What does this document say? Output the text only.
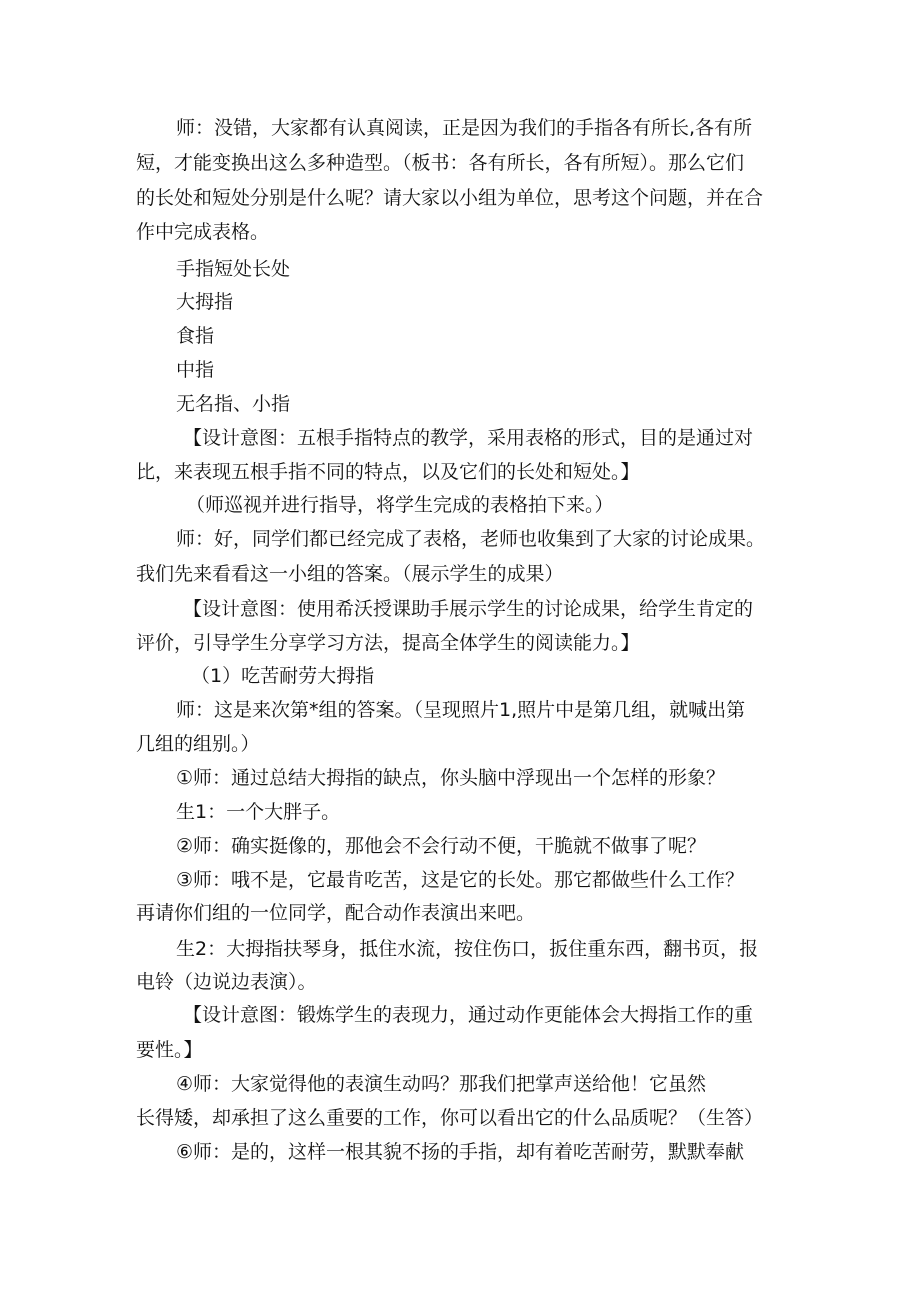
师：没错，大家都有认真阅读，正是因为我们的手指各有所长,各有所

短，才能变换出这么多种造型。（板书：各有所长，各有所短）。那么它们

的长处和短处分别是什么呢？请大家以小组为单位，思考这个问题，并在合

作中完成表格。

手指短处长处

大拇指

食指

中指

无名指、小指

【设计意图：五根手指特点的教学，采用表格的形式，目的是通过对

比，来表现五根手指不同的特点，以及它们的长处和短处。】

（师巡视并进行指导，将学生完成的表格拍下来。）

师：好，同学们都已经完成了表格，老师也收集到了大家的讨论成果。

我们先来看看这一小组的答案。（展示学生的成果）

【设计意图：使用希沃授课助手展示学生的讨论成果，给学生肯定的

评价，引导学生分享学习方法，提高全体学生的阅读能力。】

（1）吃苦耐劳大拇指

师：这是来次第*组的答案。（呈现照片1,照片中是第几组，就喊出第

几组的组别。）

①师：通过总结大拇指的缺点，你头脑中浮现出一个怎样的形象？

生1：一个大胖子。

②师：确实挺像的，那他会不会行动不便，干脆就不做事了呢？

③师：哦不是，它最肯吃苦，这是它的长处。那它都做些什么工作？

再请你们组的一位同学，配合动作表演出来吧。

生2：大拇指扶琴身，抵住水流，按住伤口，扳住重东西，翻书页，报

电铃（边说边表演）。

【设计意图：锻炼学生的表现力，通过动作更能体会大拇指工作的重

要性。】

④师：大家觉得他的表演生动吗？那我们把掌声送给他！它虽然

长得矮，却承担了这么重要的工作，你可以看出它的什么品质呢？（生答）

⑥师：是的，这样一根其貌不扬的手指，却有着吃苦耐劳，默默奉献
